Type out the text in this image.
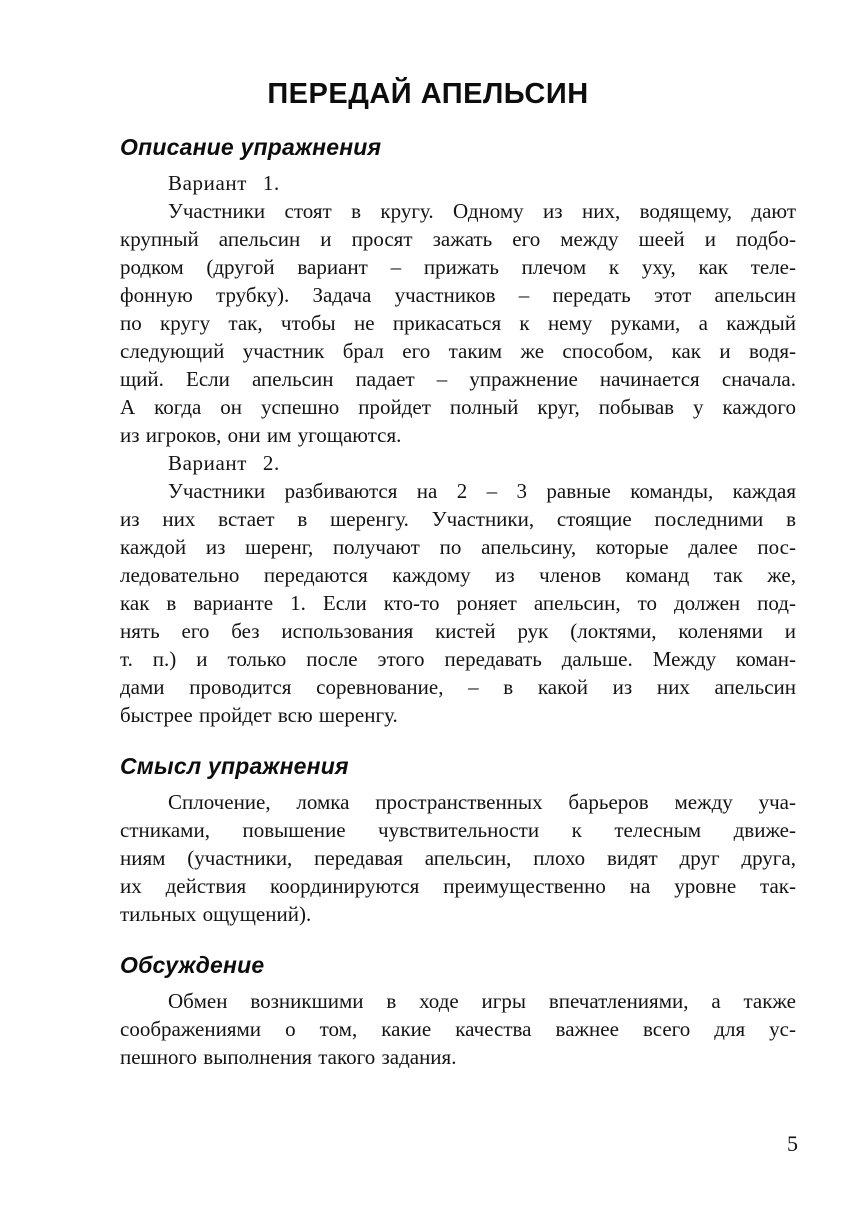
ПЕРЕДАЙ АПЕЛЬСИН
Описание упражнения
Вариант 1.
Участники стоят в кругу. Одному из них, водящему, дают
крупный апельсин и просят зажать его между шеей и подбо-
родком (другой вариант – прижать плечом к уху, как теле-
фонную трубку). Задача участников – передать этот апельсин
по кругу так, чтобы не прикасаться к нему руками, а каждый
следующий участник брал его таким же способом, как и водя-
щий. Если апельсин падает – упражнение начинается сначала.
А когда он успешно пройдет полный круг, побывав у каждого
из игроков, они им угощаются.
Вариант 2.
Участники разбиваются на 2 – 3 равные команды, каждая
из них встает в шеренгу. Участники, стоящие последними в
каждой из шеренг, получают по апельсину, которые далее пос-
ледовательно передаются каждому из членов команд так же,
как в варианте 1. Если кто-то роняет апельсин, то должен под-
нять его без использования кистей рук (локтями, коленями и
т. п.) и только после этого передавать дальше. Между коман-
дами проводится соревнование, – в какой из них апельсин
быстрее пройдет всю шеренгу.
Смысл упражнения
Сплочение, ломка пространственных барьеров между уча-
стниками, повышение чувствительности к телесным движе-
ниям (участники, передавая апельсин, плохо видят друг друга,
их действия координируются преимущественно на уровне так-
тильных ощущений).
Обсуждение
Обмен возникшими в ходе игры впечатлениями, а также
соображениями о том, какие качества важнее всего для ус-
пешного выполнения такого задания.
5
